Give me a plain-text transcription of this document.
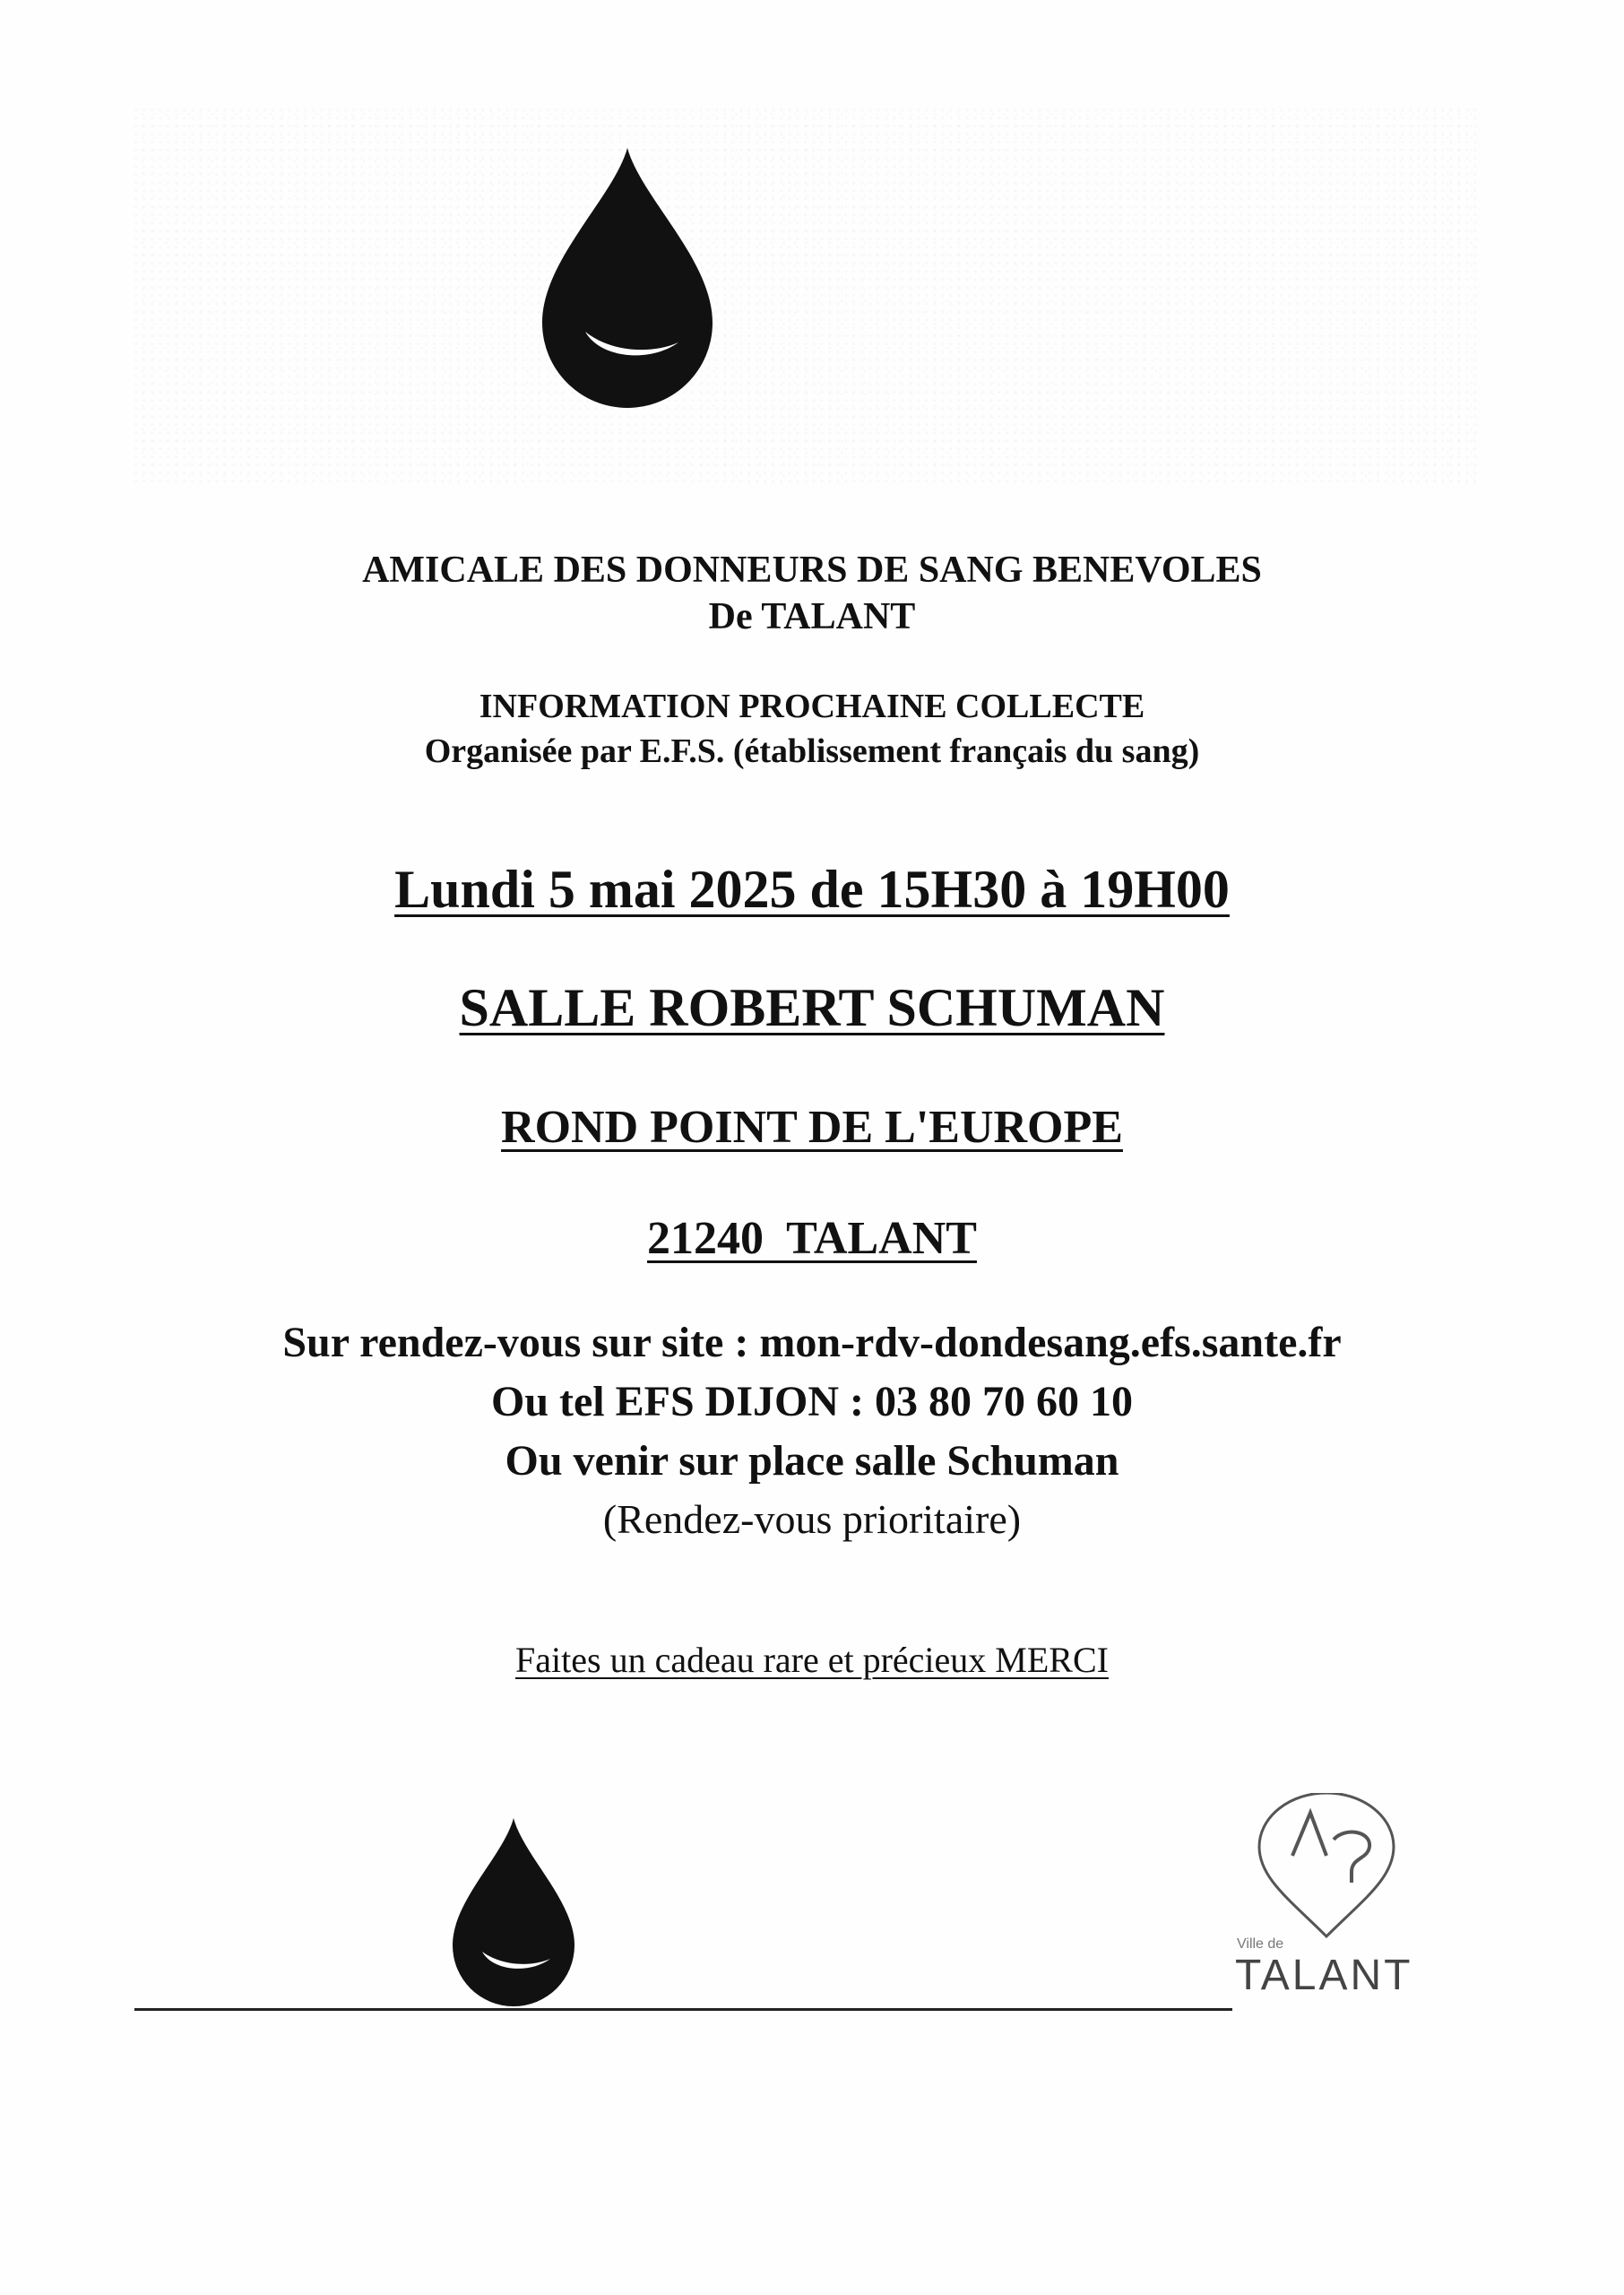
AMICALE DES DONNEURS DE SANG BENEVOLES
De TALANT
INFORMATION PROCHAINE COLLECTE
Organisée par E.F.S. (établissement français du sang)
Lundi 5 mai 2025 de 15H30 à 19H00
SALLE ROBERT SCHUMAN
ROND POINT DE L'EUROPE
21240  TALANT
Sur rendez-vous sur site : mon-rdv-dondesang.efs.sante.fr
Ou tel EFS DIJON : 03 80 70 60 10
Ou venir sur place salle Schuman
(Rendez-vous prioritaire)
Faites un cadeau rare et précieux MERCI
Ville de
TALANT
